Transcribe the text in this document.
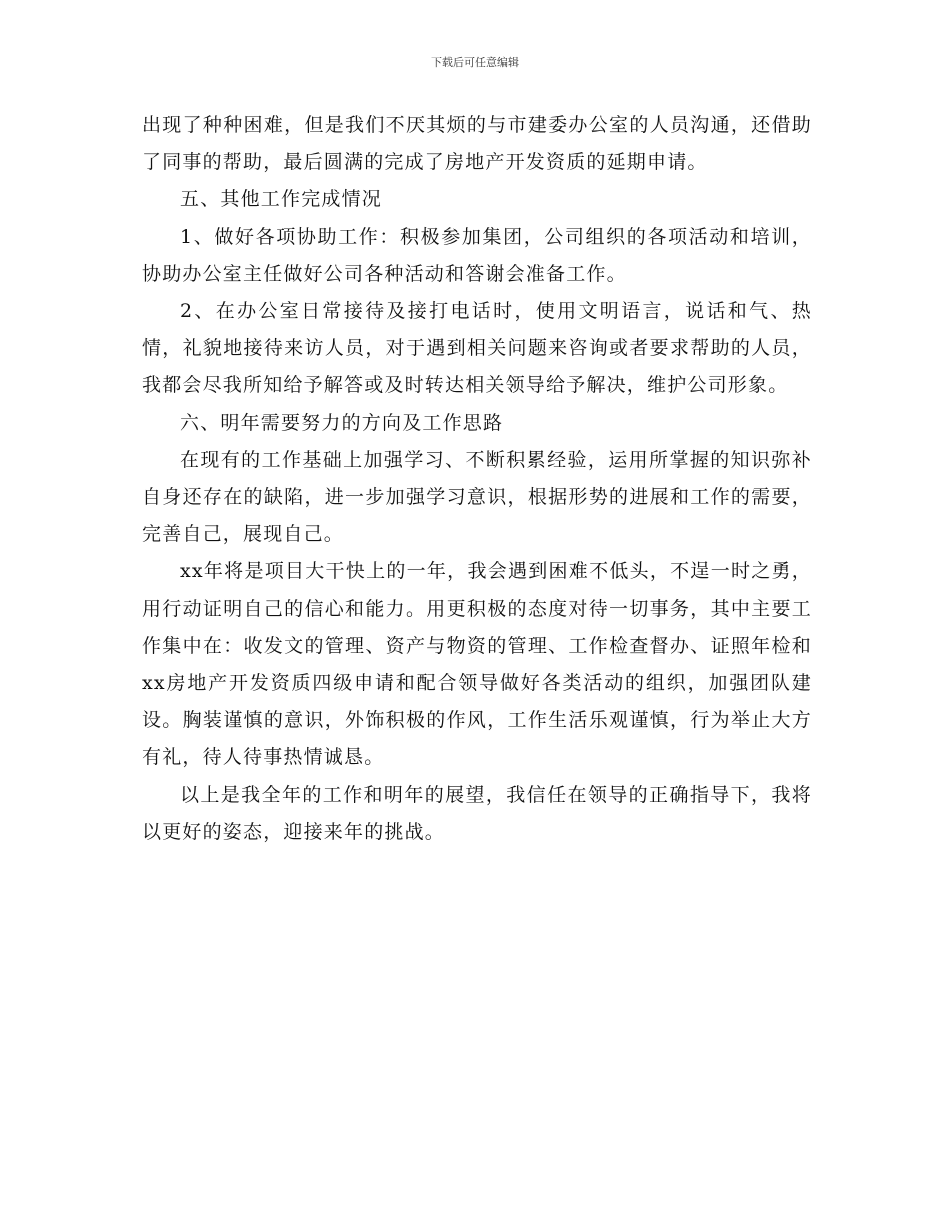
下载后可任意编辑

出现了种种困难，但是我们不厌其烦的与市建委办公室的人员沟通，还借助了同事的帮助，最后圆满的完成了房地产开发资质的延期申请。

五、其他工作完成情况

1、做好各项协助工作：积极参加集团，公司组织的各项活动和培训，协助办公室主任做好公司各种活动和答谢会准备工作。

2、在办公室日常接待及接打电话时，使用文明语言，说话和气、热情，礼貌地接待来访人员，对于遇到相关问题来咨询或者要求帮助的人员，我都会尽我所知给予解答或及时转达相关领导给予解决，维护公司形象。

六、明年需要努力的方向及工作思路

在现有的工作基础上加强学习、不断积累经验，运用所掌握的知识弥补自身还存在的缺陷，进一步加强学习意识，根据形势的进展和工作的需要，完善自己，展现自己。

xx年将是项目大干快上的一年，我会遇到困难不低头，不逞一时之勇，用行动证明自己的信心和能力。用更积极的态度对待一切事务，其中主要工作集中在：收发文的管理、资产与物资的管理、工作检查督办、证照年检和xx房地产开发资质四级申请和配合领导做好各类活动的组织，加强团队建设。胸装谨慎的意识，外饰积极的作风，工作生活乐观谨慎，行为举止大方有礼，待人待事热情诚恳。

以上是我全年的工作和明年的展望，我信任在领导的正确指导下，我将以更好的姿态，迎接来年的挑战。
